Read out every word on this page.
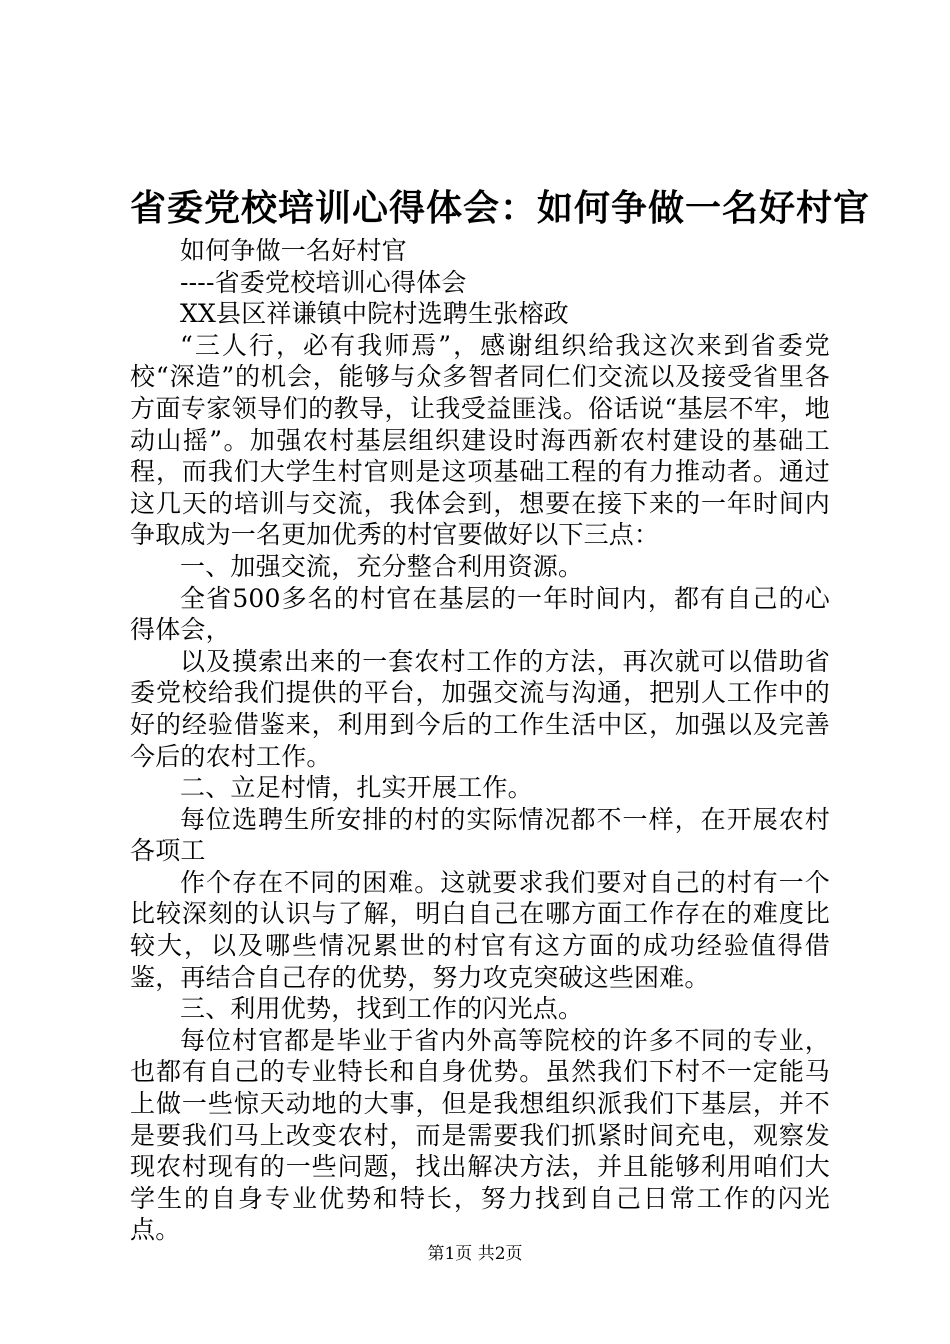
省委党校培训心得体会：如何争做一名好村官

如何争做一名好村官

----省委党校培训心得体会

XX县区祥谦镇中院村选聘生张榕政

“三人行，必有我师焉”，感谢组织给我这次来到省委党校“深造”的机会，能够与众多智者同仁们交流以及接受省里各方面专家领导们的教导，让我受益匪浅。俗话说“基层不牢，地动山摇”。加强农村基层组织建设时海西新农村建设的基础工程，而我们大学生村官则是这项基础工程的有力推动者。通过这几天的培训与交流，我体会到，想要在接下来的一年时间内争取成为一名更加优秀的村官要做好以下三点：

一、加强交流，充分整合利用资源。

全省500多名的村官在基层的一年时间内，都有自己的心得体会，

以及摸索出来的一套农村工作的方法，再次就可以借助省委党校给我们提供的平台，加强交流与沟通，把别人工作中的好的经验借鉴来，利用到今后的工作生活中区，加强以及完善今后的农村工作。

二、立足村情，扎实开展工作。

每位选聘生所安排的村的实际情况都不一样，在开展农村各项工

作个存在不同的困难。这就要求我们要对自己的村有一个比较深刻的认识与了解，明白自己在哪方面工作存在的难度比较大，以及哪些情况累世的村官有这方面的成功经验值得借鉴，再结合自己存的优势，努力攻克突破这些困难。

三、利用优势，找到工作的闪光点。

每位村官都是毕业于省内外高等院校的许多不同的专业，也都有自己的专业特长和自身优势。虽然我们下村不一定能马上做一些惊天动地的大事，但是我想组织派我们下基层，并不是要我们马上改变农村，而是需要我们抓紧时间充电，观察发现农村现有的一些问题，找出解决方法，并且能够利用咱们大学生的自身专业优势和特长，努力找到自己日常工作的闪光点。

第1页 共2页
